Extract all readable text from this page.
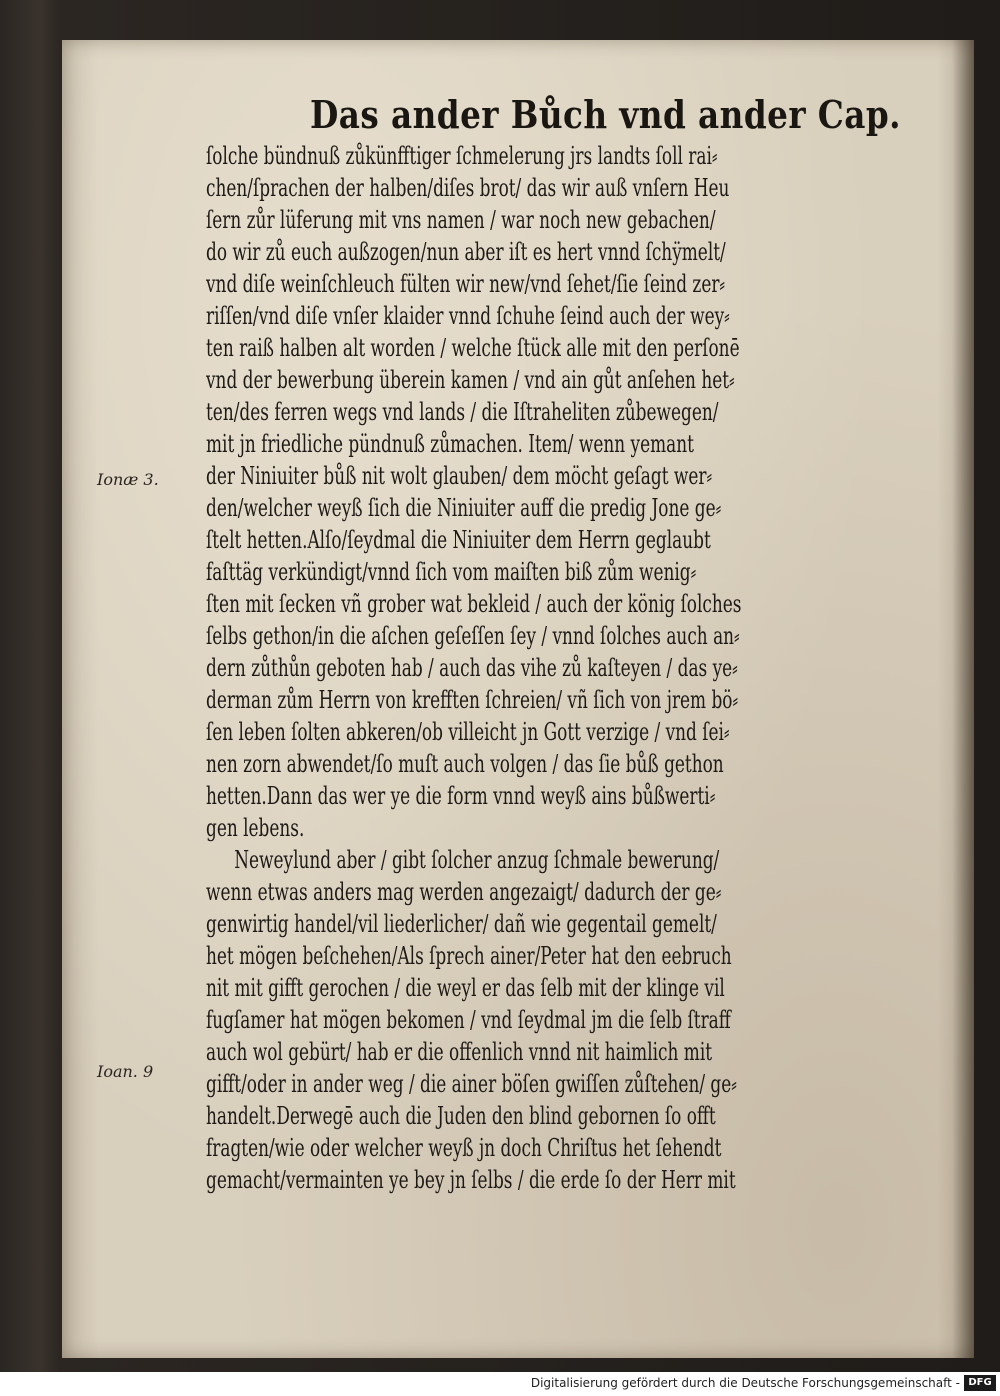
Das ander Bůch vnd ander Cap.
Ionæ 3.
Ioan. 9
ſolche bündnuß zůkünfftiger ſchmelerung jrs landts ſoll rai⸗
chen/ſprachen der halben/diſes brot/ das wir auß vnſern Heu
ſern zůr lüferung mit vns namen / war noch new gebachen/
do wir zů euch außzogen/nun aber iſt es hert vnnd ſchÿmelt/
vnd diſe weinſchleuch fülten wir new/vnd ſehet/ſie ſeind zer⸗
riſſen/vnd diſe vnſer klaider vnnd ſchuhe ſeind auch der wey⸗
ten raiß halben alt worden / welche ſtück alle mit den perſonē
vnd der bewerbung überein kamen / vnd ain gůt anſehen het⸗
ten/des ferren wegs vnd lands / die Iſtraheliten zůbewegen/
mit jn friedliche pündnuß zůmachen. Item/ wenn yemant
der Niniuiter bůß nit wolt glauben/ dem möcht geſagt wer⸗
den/welcher weyß ſich die Niniuiter auff die predig Jone ge⸗
ſtelt hetten.Alſo/ſeydmal die Niniuiter dem Herrn geglaubt
faſttäg verkündigt/vnnd ſich vom maiſten biß zům wenig⸗
ſten mit ſecken vñ grober wat bekleid / auch der könig ſolches
ſelbs gethon/in die aſchen geſeſſen ſey / vnnd ſolches auch an⸗
dern zůthůn geboten hab / auch das vihe zů kaſteyen / das ye⸗
derman zům Herrn von krefften ſchreien/ vñ ſich von jrem bö⸗
ſen leben ſolten abkeren/ob villeicht jn Gott verzige / vnd ſei⸗
nen zorn abwendet/ſo muſt auch volgen / das ſie bůß gethon
hetten.Dann das wer ye die form vnnd weyß ains bůßwerti⸗
gen lebens.
Neweylund aber / gibt ſolcher anzug ſchmale bewerung/
wenn etwas anders mag werden angezaigt/ dadurch der ge⸗
genwirtig handel/vil liederlicher/ dañ wie gegentail gemelt/
het mögen beſchehen/Als ſprech ainer/Peter hat den eebruch
nit mit gifft gerochen / die weyl er das ſelb mit der klinge vil
fugſamer hat mögen bekomen / vnd ſeydmal jm die ſelb ſtraff
auch wol gebürt/ hab er die offenlich vnnd nit haimlich mit
gifft/oder in ander weg / die ainer böſen gwiſſen zůſtehen/ ge⸗
handelt.Derwegē auch die Juden den blind gebornen ſo offt
fragten/wie oder welcher weyß jn doch Chriſtus het ſehendt
gemacht/vermainten ye bey jn ſelbs / die erde ſo der Herr mit
Digitalisierung gefördert durch die Deutsche Forschungsgemeinschaft - DFG
